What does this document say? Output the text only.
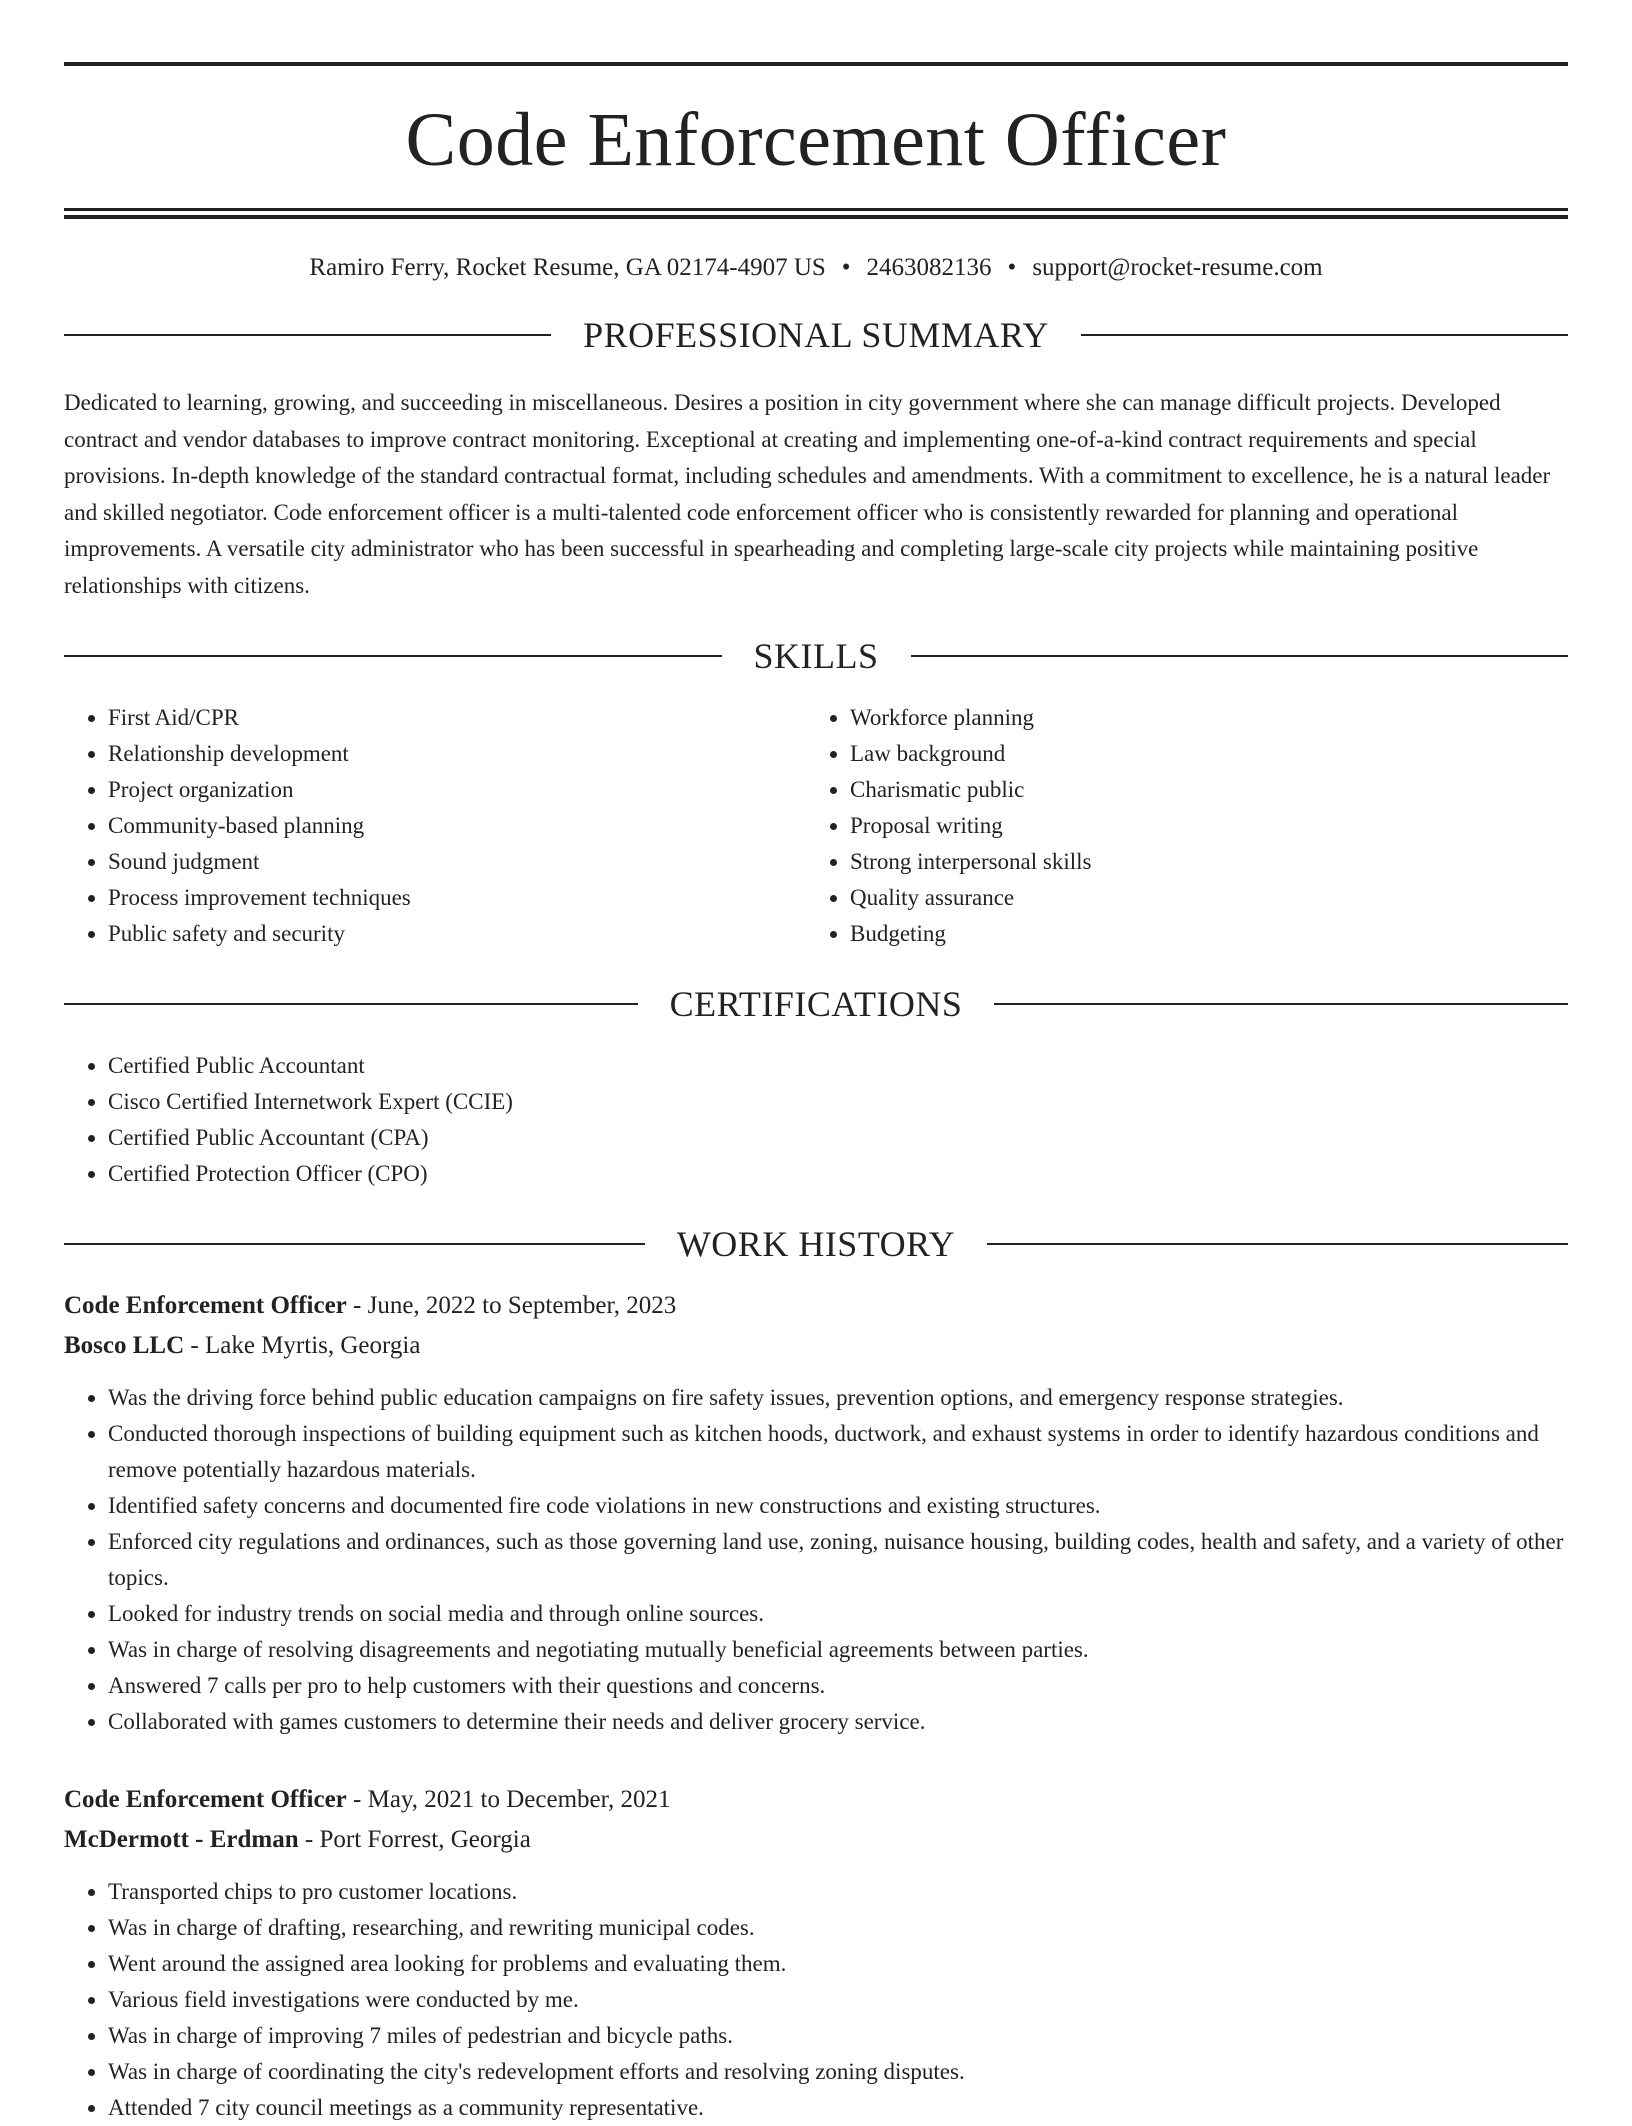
Code Enforcement Officer
Ramiro Ferry, Rocket Resume, GA 02174-4907 US • 2463082136 • support@rocket-resume.com
PROFESSIONAL SUMMARY

Dedicated to learning, growing, and succeeding in miscellaneous. Desires a position in city government where she can manage difficult projects. Developed contract and vendor databases to improve contract monitoring. Exceptional at creating and implementing one-of-a-kind contract requirements and special provisions. In-depth knowledge of the standard contractual format, including schedules and amendments. With a commitment to excellence, he is a natural leader and skilled negotiator. Code enforcement officer is a multi-talented code enforcement officer who is consistently rewarded for planning and operational improvements. A versatile city administrator who has been successful in spearheading and completing large-scale city projects while maintaining positive relationships with citizens.

SKILLS
• First Aid/CPR
• Relationship development
• Project organization
• Community-based planning
• Sound judgment
• Process improvement techniques
• Public safety and security
• Workforce planning
• Law background
• Charismatic public
• Proposal writing
• Strong interpersonal skills
• Quality assurance
• Budgeting
CERTIFICATIONS
• Certified Public Accountant
• Cisco Certified Internetwork Expert (CCIE)
• Certified Public Accountant (CPA)
• Certified Protection Officer (CPO)
WORK HISTORY
Code Enforcement Officer - June, 2022 to September, 2023
Bosco LLC - Lake Myrtis, Georgia
• Was the driving force behind public education campaigns on fire safety issues, prevention options, and emergency response strategies.
• Conducted thorough inspections of building equipment such as kitchen hoods, ductwork, and exhaust systems in order to identify hazardous conditions and remove potentially hazardous materials.
• Identified safety concerns and documented fire code violations in new constructions and existing structures.
• Enforced city regulations and ordinances, such as those governing land use, zoning, nuisance housing, building codes, health and safety, and a variety of other topics.
• Looked for industry trends on social media and through online sources.
• Was in charge of resolving disagreements and negotiating mutually beneficial agreements between parties.
• Answered 7 calls per pro to help customers with their questions and concerns.
• Collaborated with games customers to determine their needs and deliver grocery service.
Code Enforcement Officer - May, 2021 to December, 2021
McDermott - Erdman - Port Forrest, Georgia
• Transported chips to pro customer locations.
• Was in charge of drafting, researching, and rewriting municipal codes.
• Went around the assigned area looking for problems and evaluating them.
• Various field investigations were conducted by me.
• Was in charge of improving 7 miles of pedestrian and bicycle paths.
• Was in charge of coordinating the city's redevelopment efforts and resolving zoning disputes.
• Attended 7 city council meetings as a community representative.
